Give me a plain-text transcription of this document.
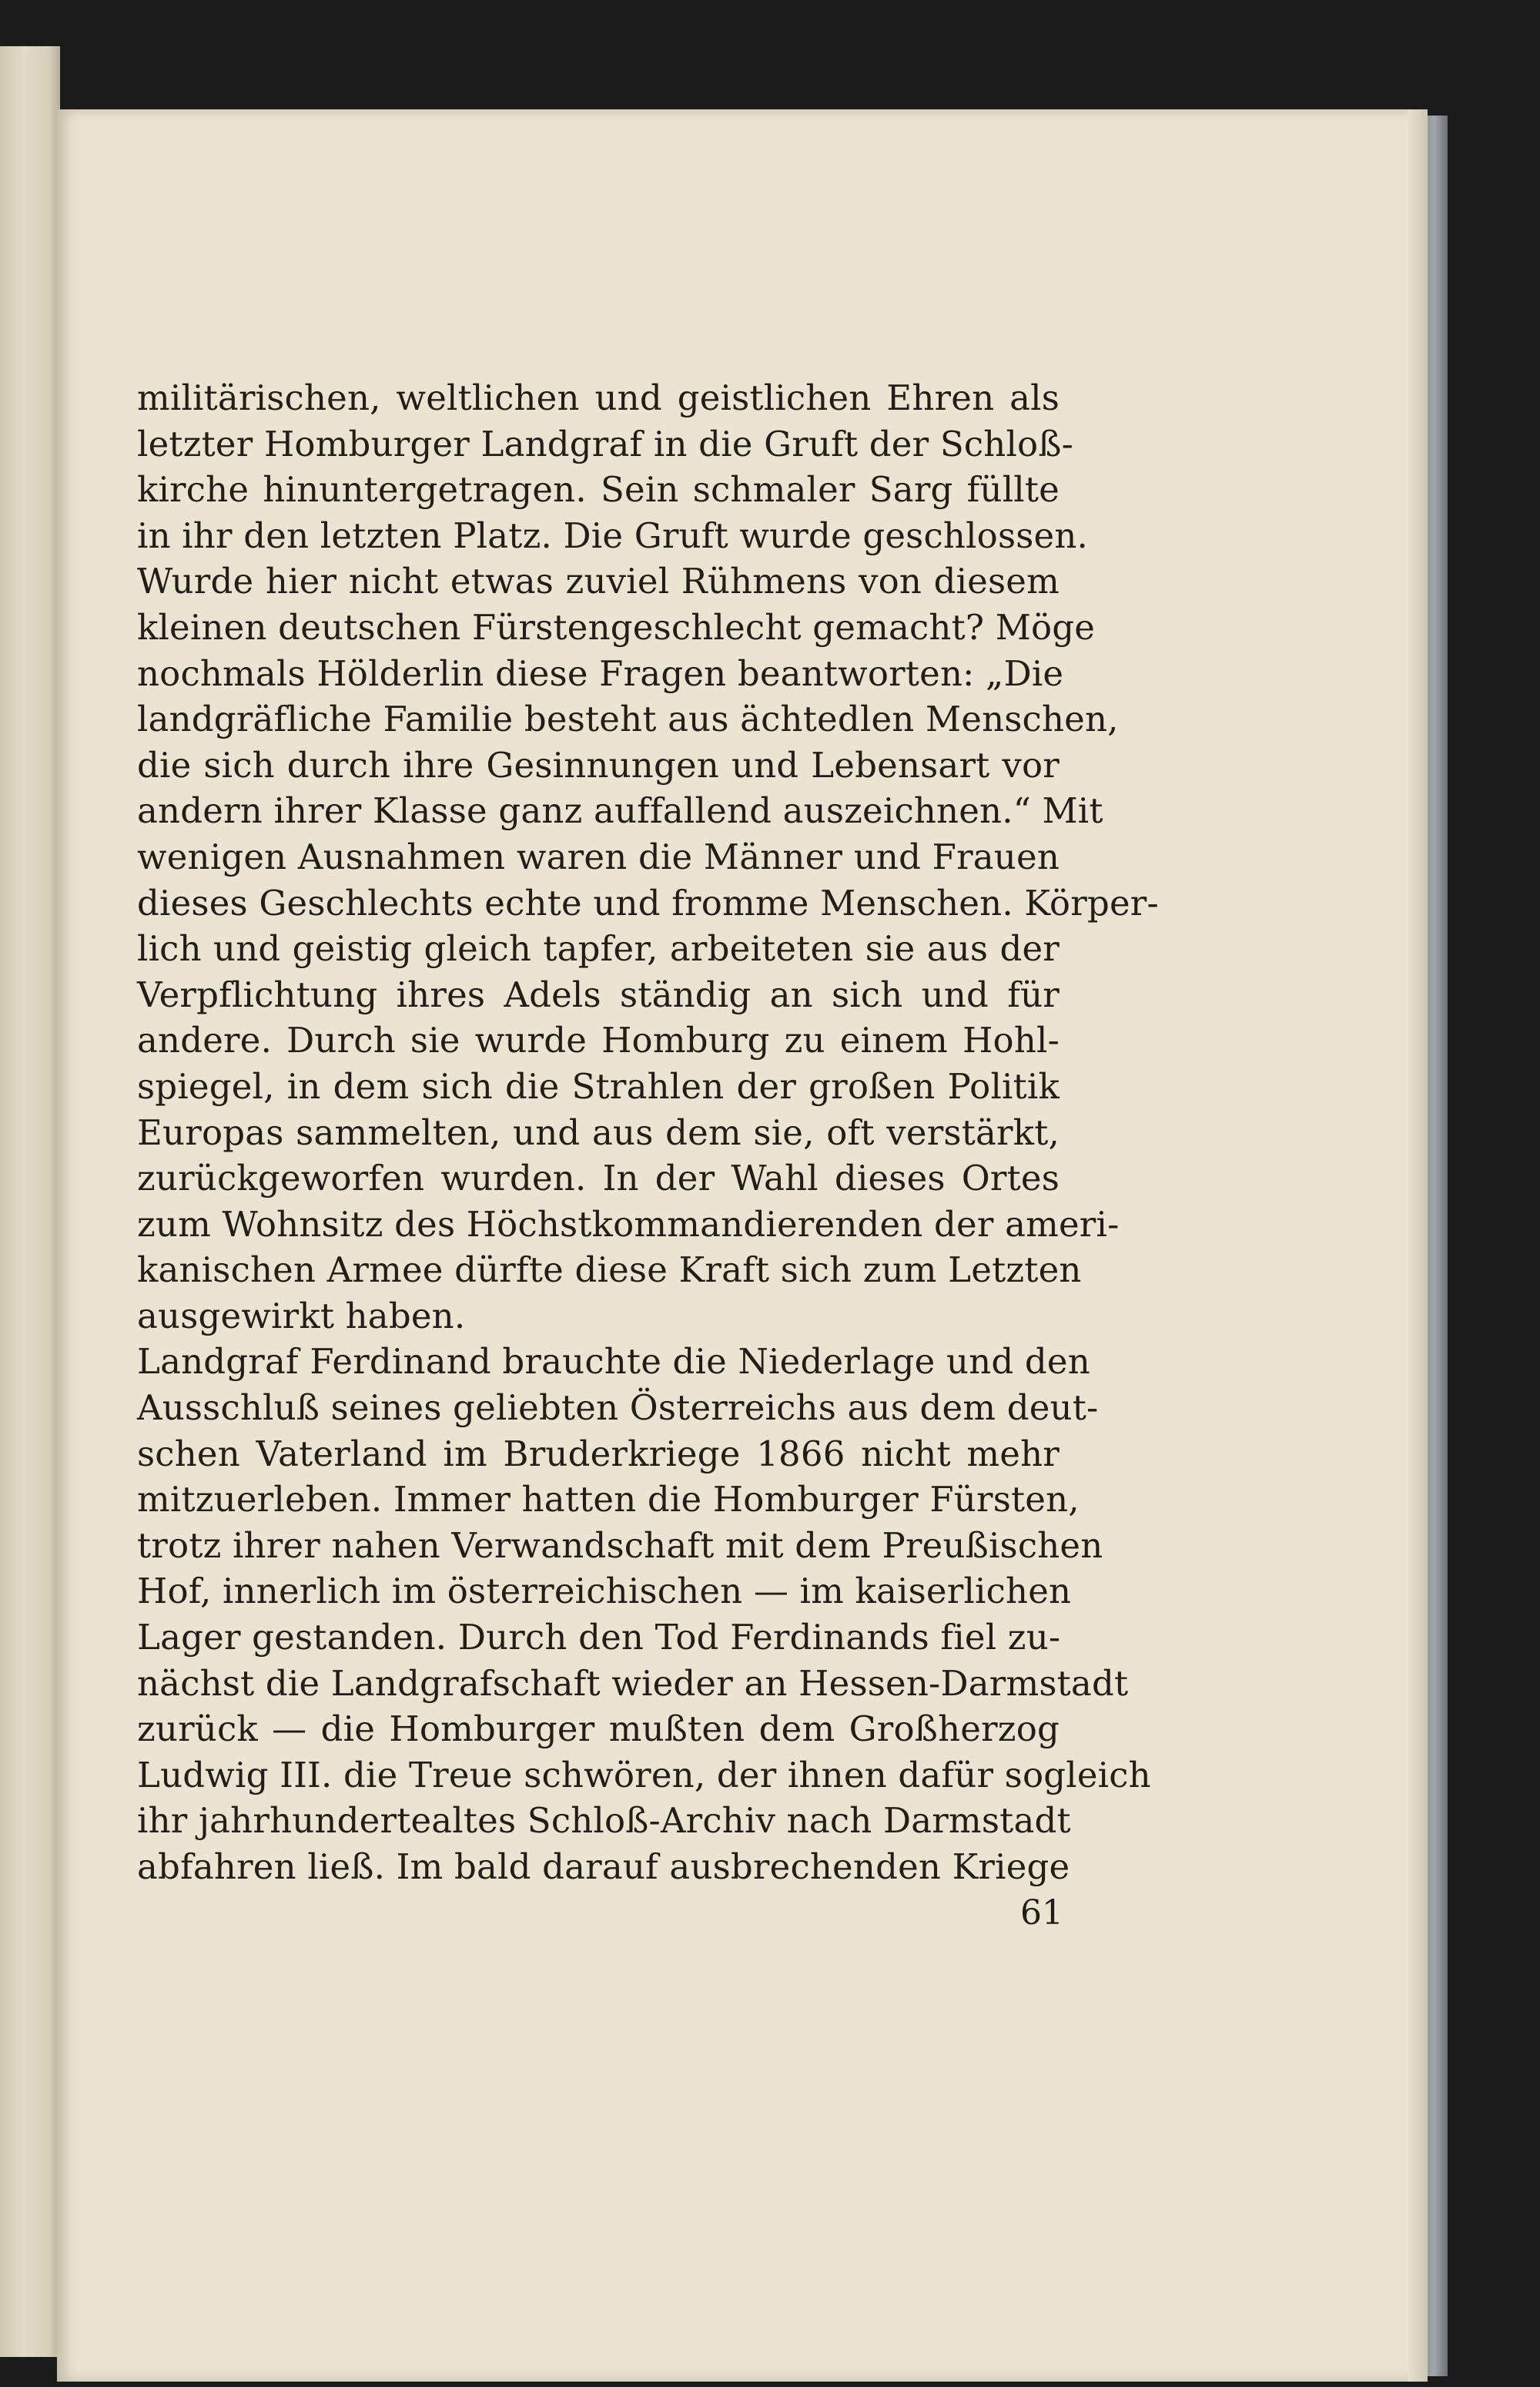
militärischen, weltlichen und geistlichen Ehren als
letzter Homburger Landgraf in die Gruft der Schloß-
kirche hinuntergetragen. Sein schmaler Sarg füllte
in ihr den letzten Platz. Die Gruft wurde geschlossen.
Wurde hier nicht etwas zuviel Rühmens von diesem
kleinen deutschen Fürstengeschlecht gemacht? Möge
nochmals Hölderlin diese Fragen beantworten: „Die
landgräfliche Familie besteht aus ächtedlen Menschen,
die sich durch ihre Gesinnungen und Lebensart vor
andern ihrer Klasse ganz auffallend auszeichnen.“ Mit
wenigen Ausnahmen waren die Männer und Frauen
dieses Geschlechts echte und fromme Menschen. Körper-
lich und geistig gleich tapfer, arbeiteten sie aus der
Verpflichtung ihres Adels ständig an sich und für
andere. Durch sie wurde Homburg zu einem Hohl-
spiegel, in dem sich die Strahlen der großen Politik
Europas sammelten, und aus dem sie, oft verstärkt,
zurückgeworfen wurden. In der Wahl dieses Ortes
zum Wohnsitz des Höchstkommandierenden der ameri-
kanischen Armee dürfte diese Kraft sich zum Letzten
ausgewirkt haben.
Landgraf Ferdinand brauchte die Niederlage und den
Ausschluß seines geliebten Österreichs aus dem deut-
schen Vaterland im Bruderkriege 1866 nicht mehr
mitzuerleben. Immer hatten die Homburger Fürsten,
trotz ihrer nahen Verwandschaft mit dem Preußischen
Hof, innerlich im österreichischen — im kaiserlichen
Lager gestanden. Durch den Tod Ferdinands fiel zu-
nächst die Landgrafschaft wieder an Hessen-Darmstadt
zurück — die Homburger mußten dem Großherzog
Ludwig III. die Treue schwören, der ihnen dafür sogleich
ihr jahrhundertealtes Schloß-Archiv nach Darmstadt
abfahren ließ. Im bald darauf ausbrechenden Kriege
61
